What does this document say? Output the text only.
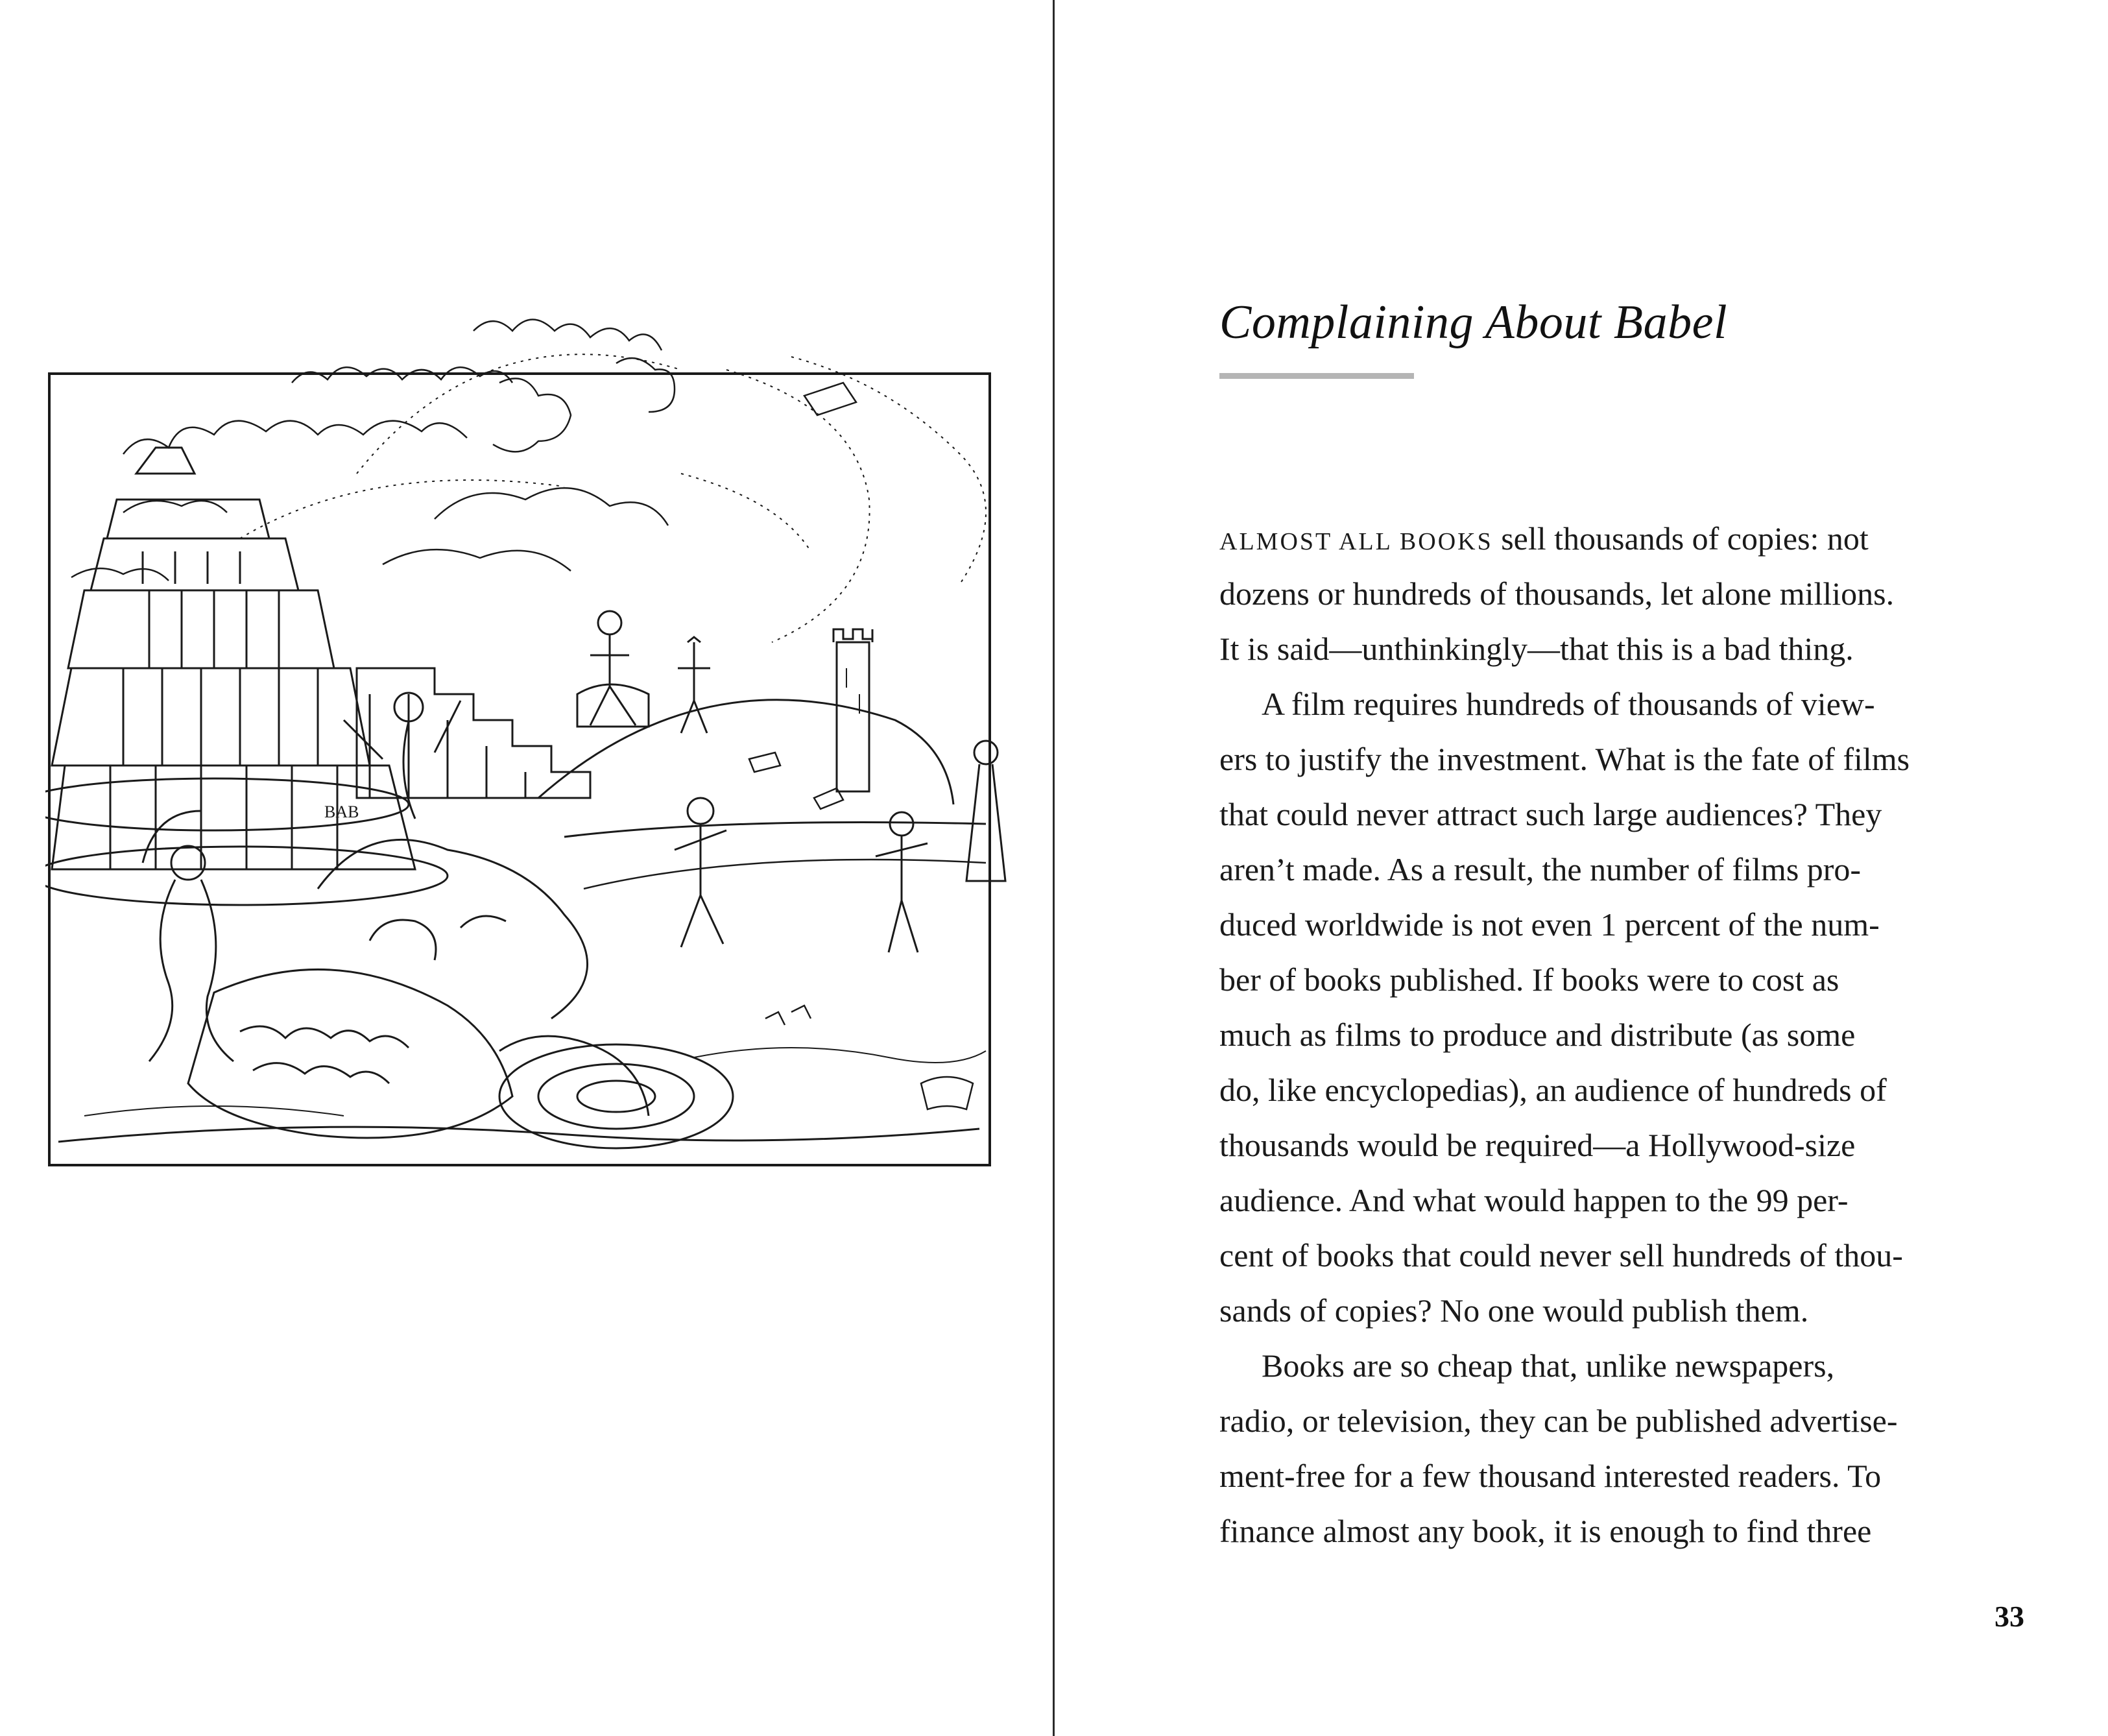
BAB
Complaining About Babel
ALMOST ALL BOOKS sell thousands of copies: not
dozens or hundreds of thousands, let alone millions.
It is said—unthinkingly—that this is a bad thing.
A film requires hundreds of thousands of view-
ers to justify the investment. What is the fate of films
that could never attract such large audiences? They
aren’t made. As a result, the number of films pro-
duced worldwide is not even 1 percent of the num-
ber of books published. If books were to cost as
much as films to produce and distribute (as some
do, like encyclopedias), an audience of hundreds of
thousands would be required—a Hollywood-size
audience. And what would happen to the 99 per-
cent of books that could never sell hundreds of thou-
sands of copies? No one would publish them.
Books are so cheap that, unlike newspapers,
radio, or television, they can be published advertise-
ment-free for a few thousand interested readers. To
finance almost any book, it is enough to find three
33
